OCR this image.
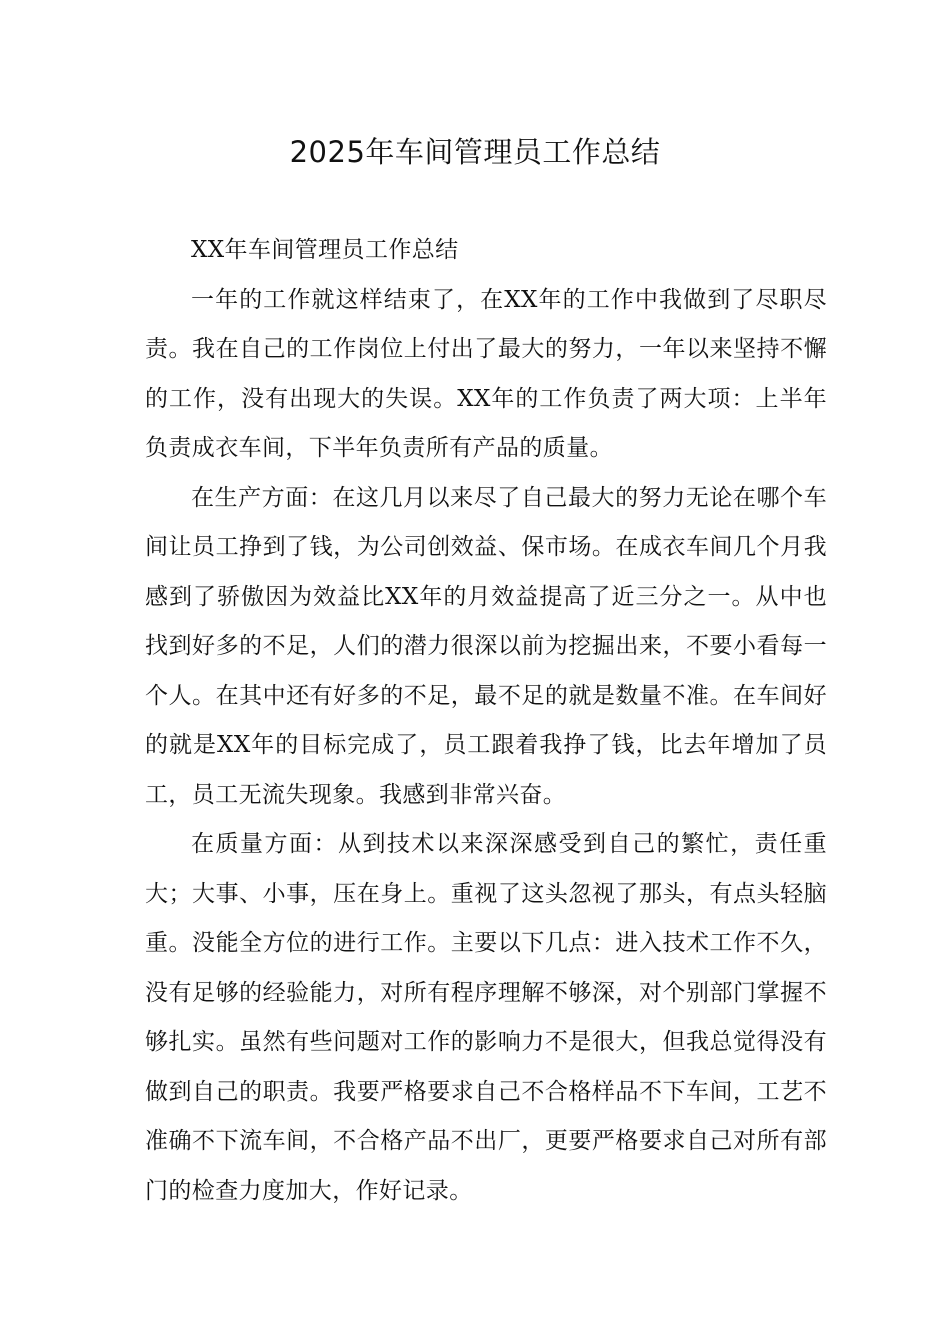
2025年车间管理员工作总结

XX年车间管理员工作总结

一年的工作就这样结束了，在XX年的工作中我做到了尽职尽责。我在自己的工作岗位上付出了最大的努力，一年以来坚持不懈的工作，没有出现大的失误。XX年的工作负责了两大项：上半年负责成衣车间，下半年负责所有产品的质量。

在生产方面：在这几月以来尽了自己最大的努力无论在哪个车间让员工挣到了钱，为公司创效益、保市场。在成衣车间几个月我感到了骄傲因为效益比XX年的月效益提高了近三分之一。从中也找到好多的不足，人们的潜力很深以前为挖掘出来，不要小看每一个人。在其中还有好多的不足，最不足的就是数量不准。在车间好的就是XX年的目标完成了，员工跟着我挣了钱，比去年增加了员工，员工无流失现象。我感到非常兴奋。

在质量方面：从到技术以来深深感受到自己的繁忙，责任重大；大事、小事，压在身上。重视了这头忽视了那头，有点头轻脑重。没能全方位的进行工作。主要以下几点：进入技术工作不久，没有足够的经验能力，对所有程序理解不够深，对个别部门掌握不够扎实。虽然有些问题对工作的影响力不是很大，但我总觉得没有做到自己的职责。我要严格要求自己不合格样品不下车间，工艺不准确不下流车间，不合格产品不出厂，更要严格要求自己对所有部门的检查力度加大，作好记录。
